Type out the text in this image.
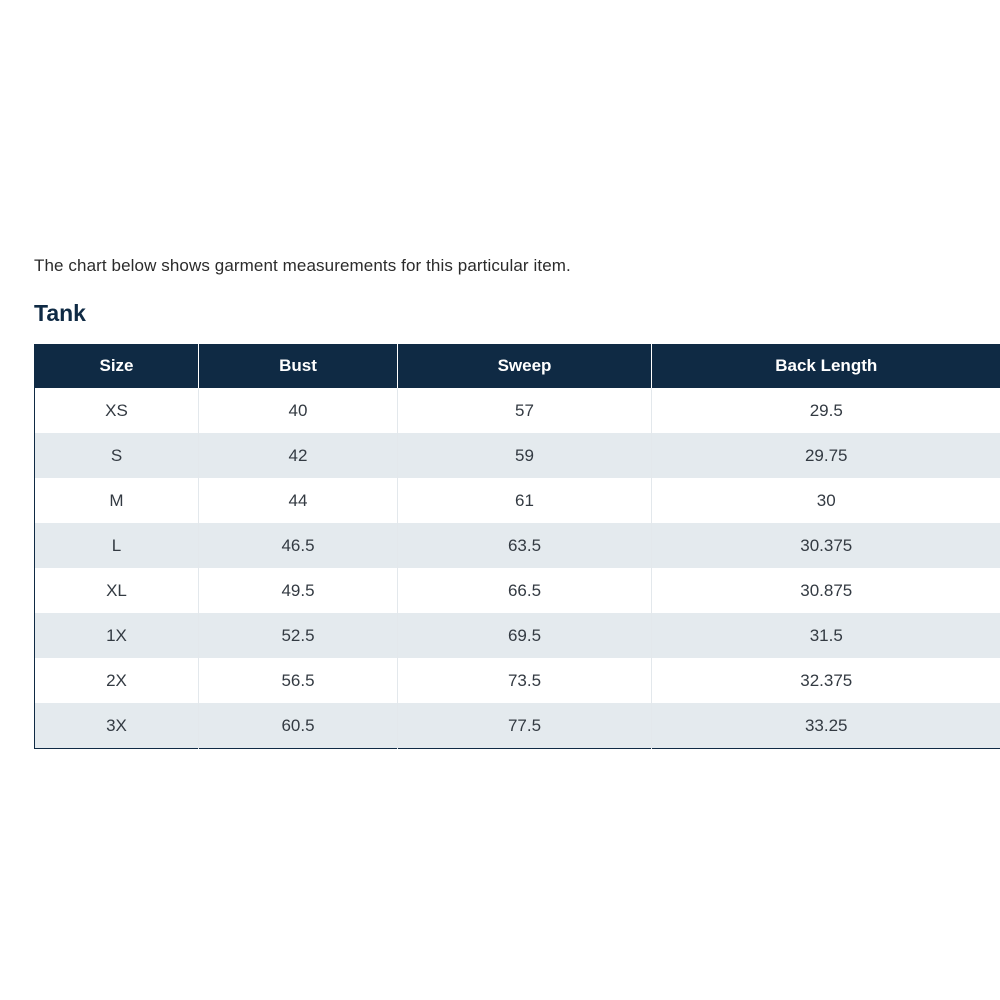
The chart below shows garment measurements for this particular item.
Tank
Size	Bust	Sweep	Back Length
XS	40	57	29.5
S	42	59	29.75
M	44	61	30
L	46.5	63.5	30.375
XL	49.5	66.5	30.875
1X	52.5	69.5	31.5
2X	56.5	73.5	32.375
3X	60.5	77.5	33.25
